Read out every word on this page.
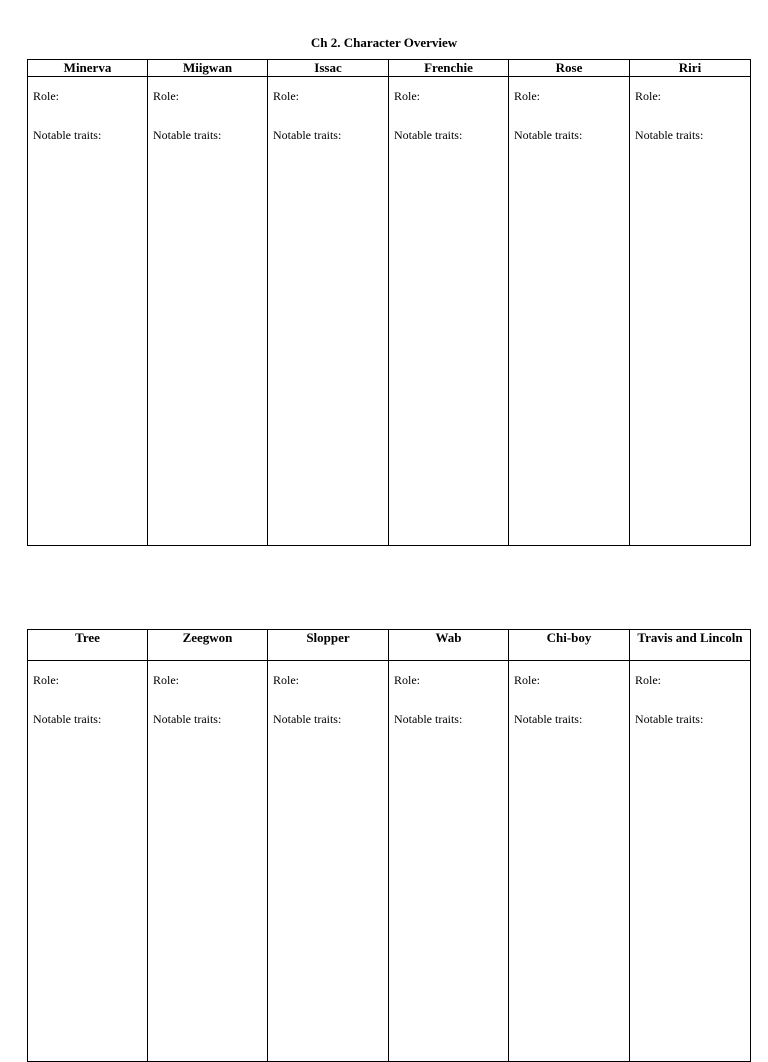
Ch 2. Character Overview
Minerva	Miigwan	Issac	Frenchie	Rose	Riri

Role:
Notable traits:	Role:
Notable traits:	Role:
Notable traits:	Role:
Notable traits:	Role:
Notable traits:	Role:
Notable traits:
Tree	Zeegwon	Slopper	Wab	Chi-boy	Travis and Lincoln

Role:
Notable traits:	Role:
Notable traits:	Role:
Notable traits:	Role:
Notable traits:	Role:
Notable traits:	Role:
Notable traits:
